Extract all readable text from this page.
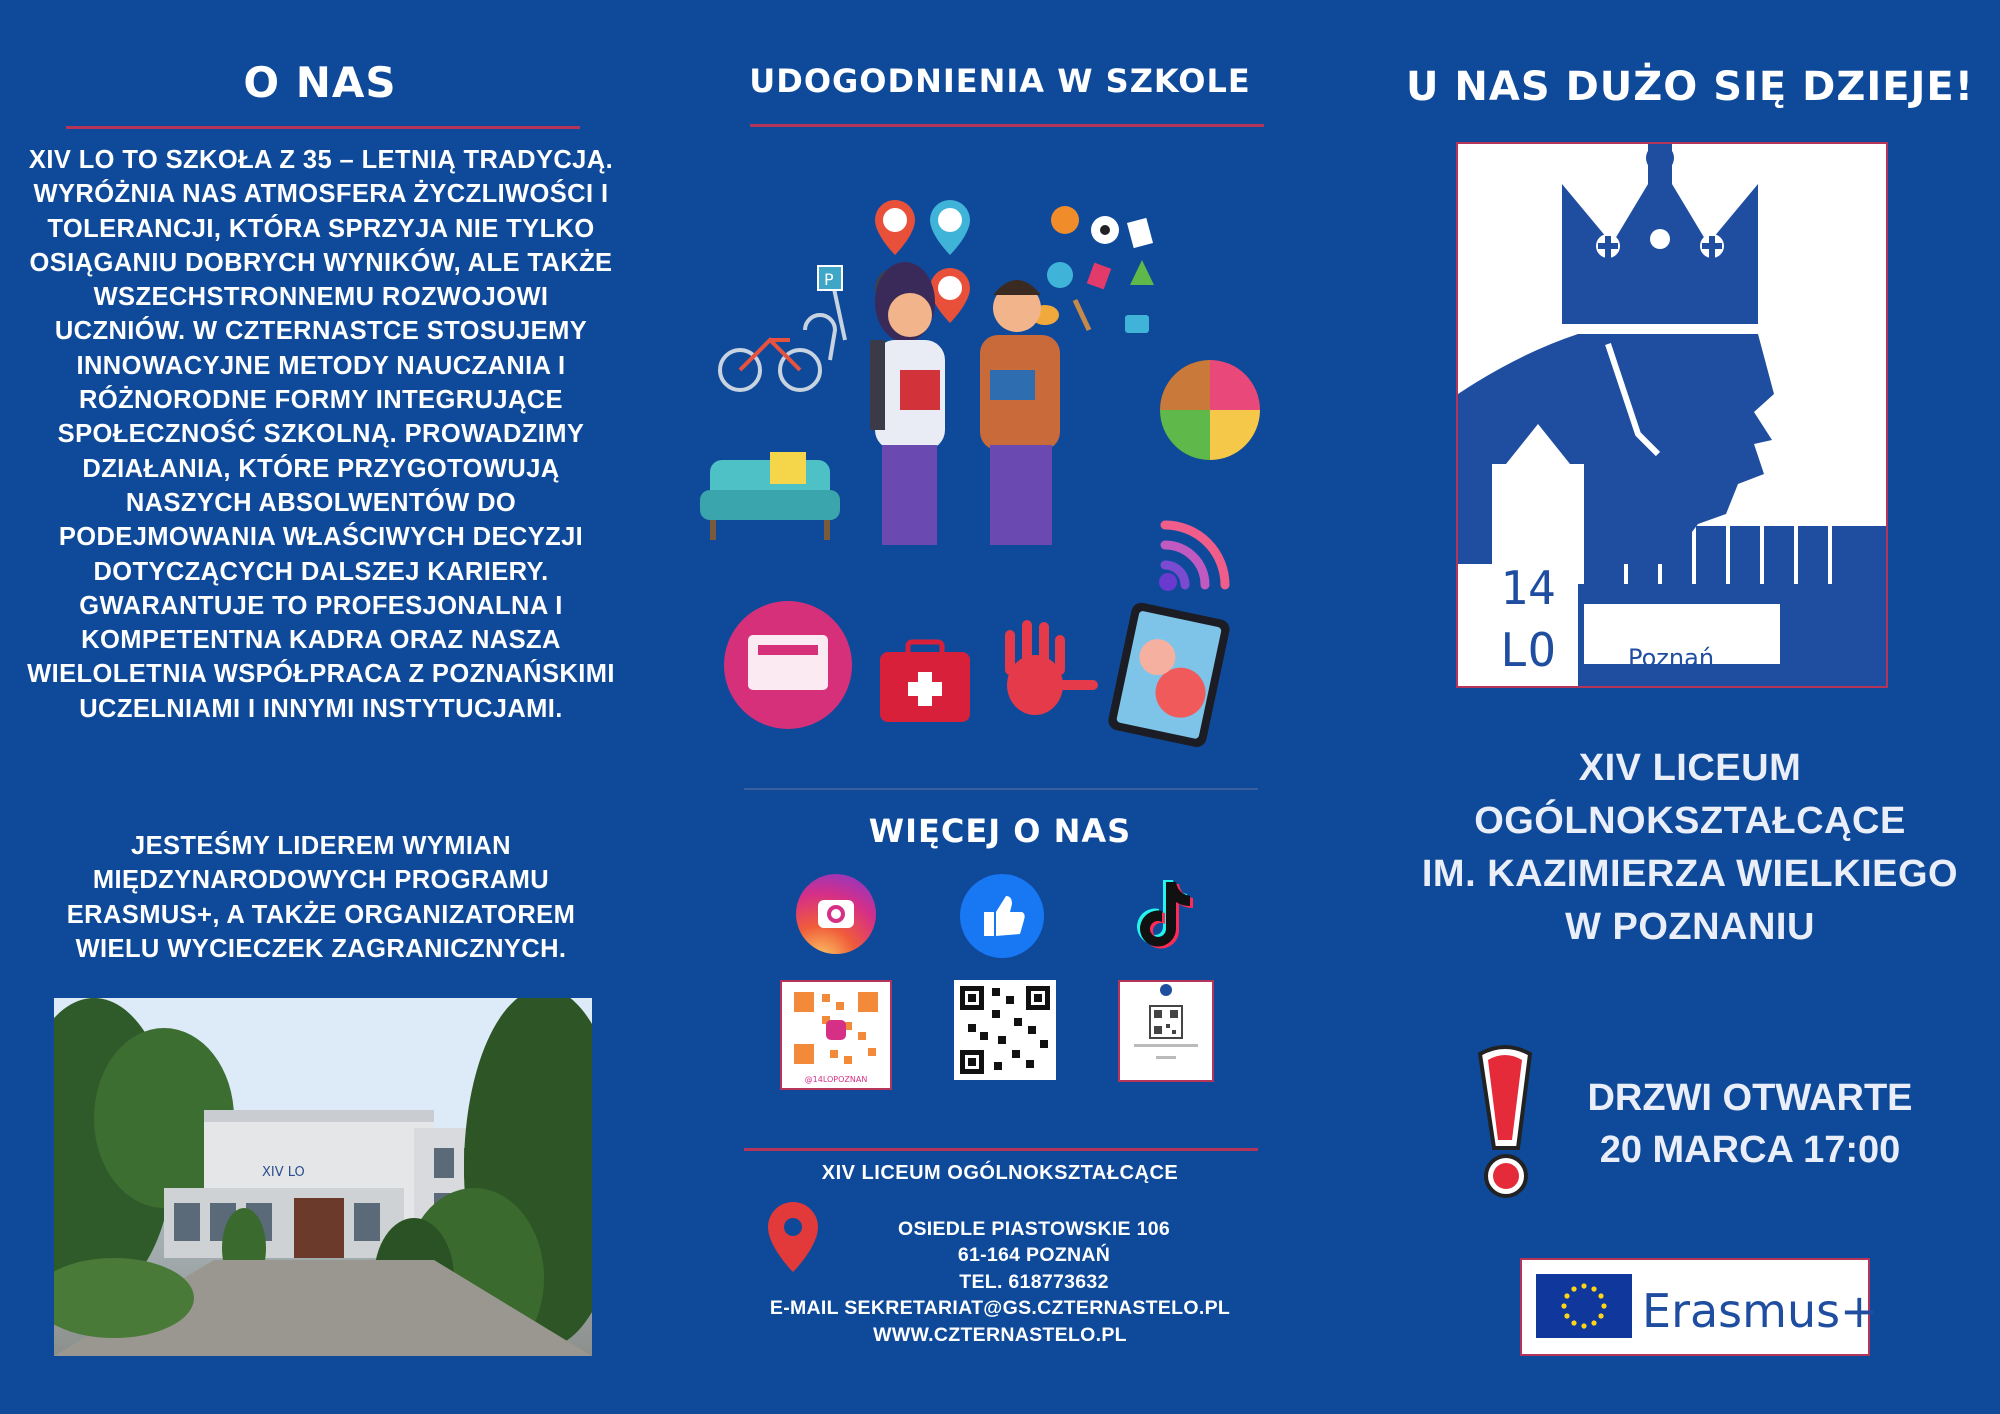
O NAS

XIV LO TO SZKOŁA Z 35 – LETNIĄ TRADYCJĄ. WYRÓŻNIA NAS ATMOSFERA ŻYCZLIWOŚCI I TOLERANCJI, KTÓRA SPRZYJA NIE TYLKO OSIĄGANIU DOBRYCH WYNIKÓW, ALE TAKŻE WSZECHSTRONNEMU ROZWOJOWI UCZNIÓW. W CZTERNASTCE STOSUJEMY INNOWACYJNE METODY NAUCZANIA I RÓŻNORODNE FORMY INTEGRUJĄCE SPOŁECZNOŚĆ SZKOLNĄ. PROWADZIMY DZIAŁANIA, KTÓRE PRZYGOTOWUJĄ NASZYCH ABSOLWENTÓW DO PODEJMOWANIA WŁAŚCIWYCH DECYZJI DOTYCZĄCYCH DALSZEJ KARIERY. GWARANTUJE TO PROFESJONALNA I KOMPETENTNA KADRA ORAZ NASZA WIELOLETNIA WSPÓŁPRACA Z POZNAŃSKIMI UCZELNIAMI I INNYMI INSTYTUCJAMI.

JESTEŚMY LIDEREM WYMIAN MIĘDZYNARODOWYCH PROGRAMU ERASMUS+, A TAKŻE ORGANIZATOREM WIELU WYCIECZEK ZAGRANICZNYCH.

XIV LO
UDOGODNIENIA W SZKOLE
P
WIĘCEJ O NAS
@14LOPOZNAN
XIV LICEUM OGÓLNOKSZTAŁCĄCE
OSIEDLE PIASTOWSKIE 106
61-164 POZNAŃ
TEL. 618773632
E-MAIL SEKRETARIAT@GS.CZTERNASTELO.PL
WWW.CZTERNASTELO.PL
U NAS DUŻO SIĘ DZIEJE!
14
LO	Poznań
XIV LICEUM
OGÓLNOKSZTAŁCĄCE
IM. KAZIMIERZA WIELKIEGO
W POZNANIU
DRZWI OTWARTE
20 MARCA 17:00
Erasmus+
